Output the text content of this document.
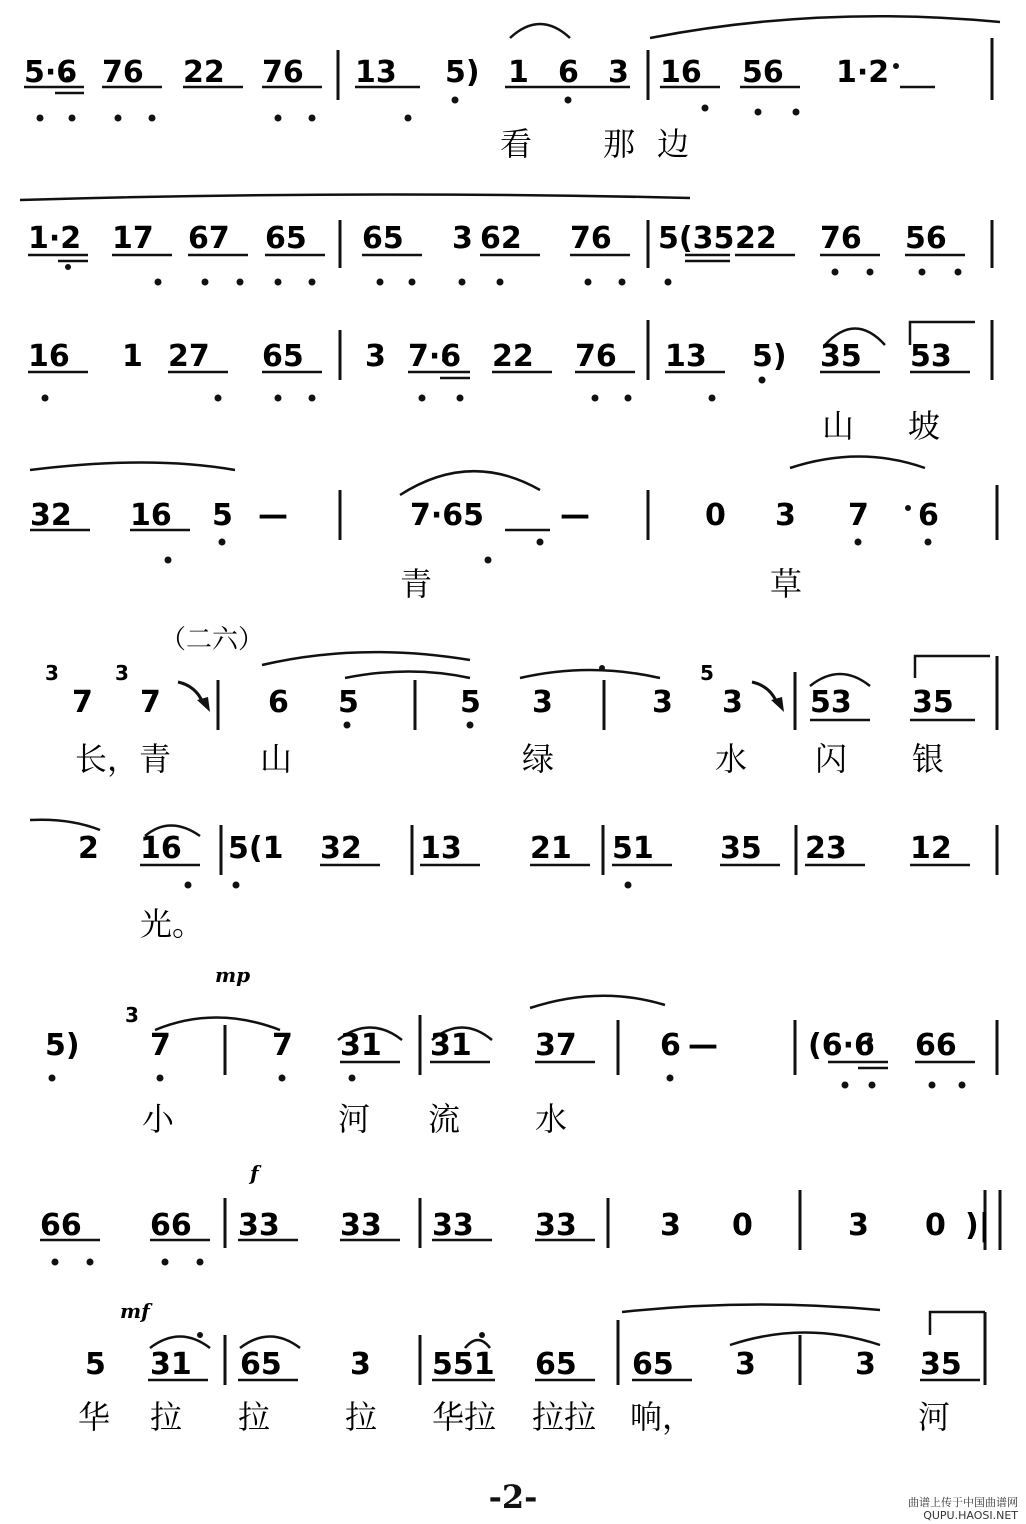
5·6 76 22 76 13 5) 1 6 3 16 56 1·2
看 那 边
1·2 17 67 65 65 3 62 76 5(35 22 76 56
16 1 27 65 3 7·6 22 76 13 5) 35 53
山 坡
32 16 5 —	7·65	—	0 3 7 6
青	草
（二六）
3	3	5
7 7	6 5	5 3	3 3 53 35
长，青	山	绿	水 闪 银
2 16 5(1 32 13 21 51 35 23 12
光。
mp
3
5) 7	7 31 31 37	6 —	(6·6 66
小	河 流 水
f
66 66 33 33 33 33	3 0	3 0 )|
mf
5 31 65 3 551 65 65 3	3 35
华 拉 拉 拉 华拉 拉拉 响，	河
-2-	曲谱上传于中国曲谱网
QUPU.HAOSI.NET
